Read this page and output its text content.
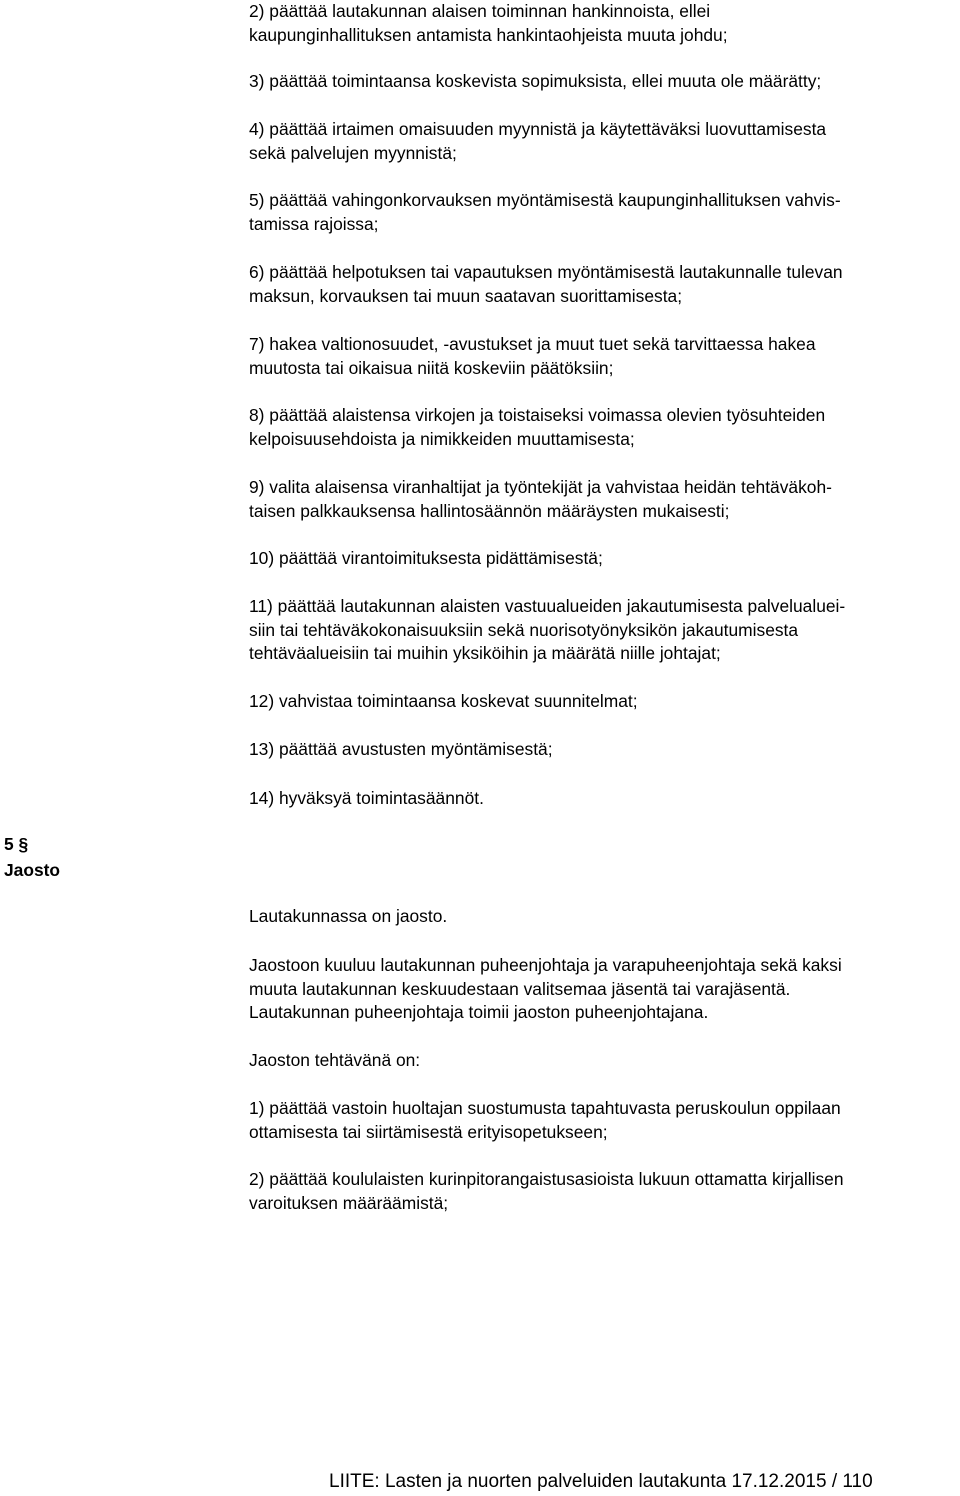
2) päättää lautakunnan alaisen toiminnan hankinnoista, ellei
kaupunginhallituksen antamista hankintaohjeista muuta johdu;
3) päättää toimintaansa koskevista sopimuksista, ellei muuta ole määrätty;
4) päättää irtaimen omaisuuden myynnistä ja käytettäväksi luovuttamisesta
sekä palvelujen myynnistä;
5) päättää vahingonkorvauksen myöntämisestä kaupunginhallituksen vahvis-
tamissa rajoissa;
6) päättää helpotuksen tai vapautuksen myöntämisestä lautakunnalle tulevan
maksun, korvauksen tai muun saatavan suorittamisesta;
7) hakea valtionosuudet, -avustukset ja muut tuet sekä tarvittaessa hakea
muutosta tai oikaisua niitä koskeviin päätöksiin;
8) päättää alaistensa virkojen ja toistaiseksi voimassa olevien työsuhteiden
kelpoisuusehdoista ja nimikkeiden muuttamisesta;
9) valita alaisensa viranhaltijat ja työntekijät ja vahvistaa heidän tehtäväkoh-
taisen palkkauksensa hallintosäännön määräysten mukaisesti;
10) päättää virantoimituksesta pidättämisestä;
11) päättää lautakunnan alaisten vastuualueiden jakautumisesta palvelualuei-
siin tai tehtäväkokonaisuuksiin sekä nuorisotyönyksikön jakautumisesta
tehtäväalueisiin tai muihin yksiköihin ja määrätä niille johtajat;
12) vahvistaa toimintaansa koskevat suunnitelmat;
13) päättää avustusten myöntämisestä;
14) hyväksyä toimintasäännöt.
5 §
Jaosto
Lautakunnassa on jaosto.
Jaostoon kuuluu lautakunnan puheenjohtaja ja varapuheenjohtaja sekä kaksi
muuta lautakunnan keskuudestaan valitsemaa jäsentä tai varajäsentä.
Lautakunnan puheenjohtaja toimii jaoston puheenjohtajana.
Jaoston tehtävänä on:
1) päättää vastoin huoltajan suostumusta tapahtuvasta peruskoulun oppilaan
ottamisesta tai siirtämisestä erityisopetukseen;
2) päättää koululaisten kurinpitorangaistusasioista lukuun ottamatta kirjallisen
varoituksen määräämistä;
LIITE: Lasten ja nuorten palveluiden lautakunta 17.12.2015 / 110
